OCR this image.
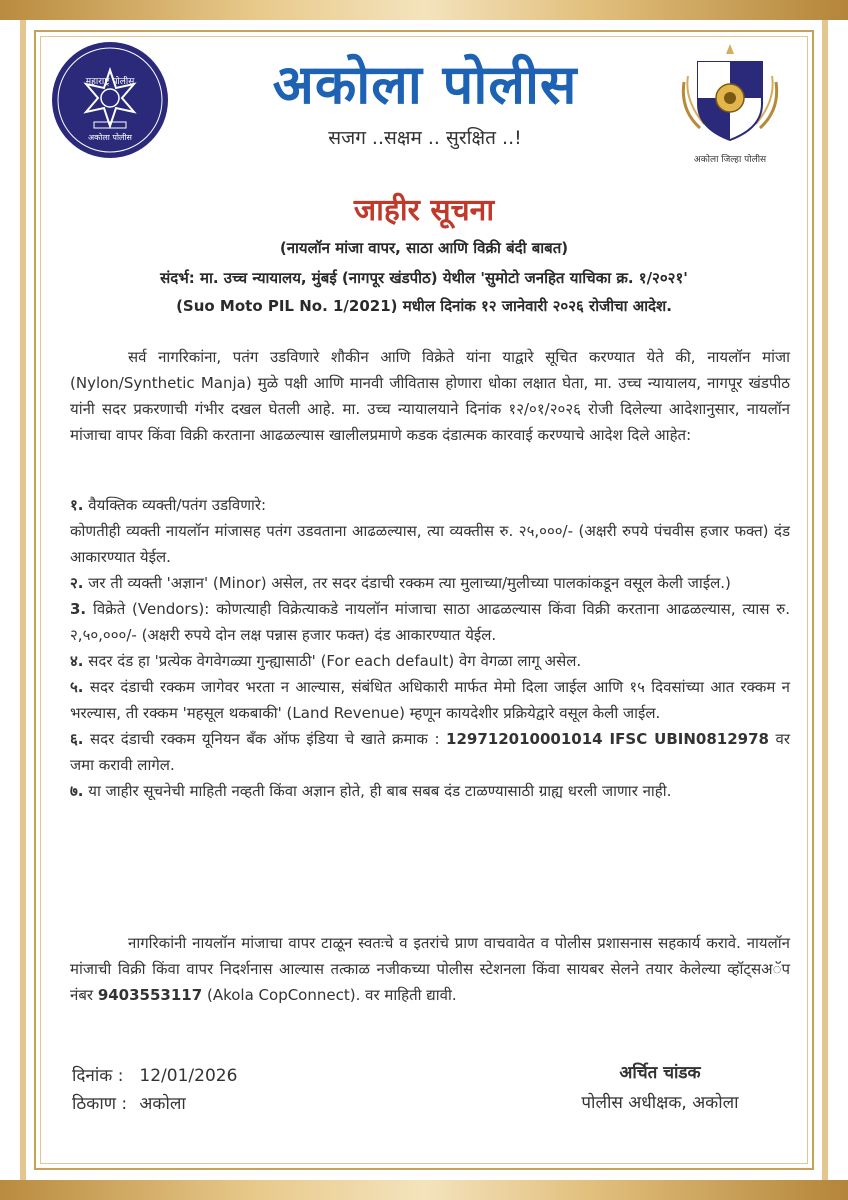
महाराष्ट्र पोलीस
अकोला पोलीस
अकोला पोलीस
सजग ..सक्षम .. सुरक्षित ..!
अकोला जिल्हा पोलीस
जाहीर सूचना
(नायलॉन मांजा वापर, साठा आणि विक्री बंदी बाबत)
संदर्भ: मा. उच्च न्यायालय, मुंबई (नागपूर खंडपीठ) येथील 'सुमोटो जनहित याचिका क्र. १/२०२१'
(Suo Moto PIL No. 1/2021) मधील दिनांक १२ जानेवारी २०२६ रोजीचा आदेश.
सर्व नागरिकांना, पतंग उडविणारे शौकीन आणि विक्रेते यांना याद्वारे सूचित करण्यात येते की, नायलॉन मांजा (Nylon/Synthetic Manja) मुळे पक्षी आणि मानवी जीवितास होणारा धोका लक्षात घेता, मा. उच्च न्यायालय, नागपूर खंडपीठ यांनी सदर प्रकरणाची गंभीर दखल घेतली आहे. मा. उच्च न्यायालयाने दिनांक १२/०१/२०२६ रोजी दिलेल्या आदेशानुसार, नायलॉन मांजाचा वापर किंवा विक्री करताना आढळल्यास खालीलप्रमाणे कडक दंडात्मक कारवाई करण्याचे आदेश दिले आहेत:

१. वैयक्तिक व्यक्ती/पतंग उडविणारे:

कोणतीही व्यक्ती नायलॉन मांजासह पतंग उडवताना आढळल्यास, त्या व्यक्तीस रु. २५,०००/- (अक्षरी रुपये पंचवीस हजार फक्त) दंड आकारण्यात येईल.

२. जर ती व्यक्ती 'अज्ञान' (Minor) असेल, तर सदर दंडाची रक्कम त्या मुलाच्या/मुलीच्या पालकांकडून वसूल केली जाईल.)

3. विक्रेते (Vendors): कोणत्याही विक्रेत्याकडे नायलॉन मांजाचा साठा आढळल्यास किंवा विक्री करताना आढळल्यास, त्यास रु. २,५०,०००/- (अक्षरी रुपये दोन लक्ष पन्नास हजार फक्त) दंड आकारण्यात येईल.

४. सदर दंड हा 'प्रत्येक वेगवेगळ्या गुन्ह्यासाठी' (For each default) वेग वेगळा लागू असेल.

५. सदर दंडाची रक्कम जागेवर भरता न आल्यास, संबंधित अधिकारी मार्फत मेमो दिला जाईल आणि १५ दिवसांच्या आत रक्कम न भरल्यास, ती रक्कम 'महसूल थकबाकी' (Land Revenue) म्हणून कायदेशीर प्रक्रियेद्वारे वसूल केली जाईल.

६. सदर दंडाची रक्कम यूनियन बँक ऑफ इंडिया चे खाते क्रमाक : 129712010001014 IFSC UBIN0812978 वर जमा करावी लागेल.

७. या जाहीर सूचनेची माहिती नव्हती किंवा अज्ञान होते, ही बाब सबब दंड टाळण्यासाठी ग्राह्य धरली जाणार नाही.

नागरिकांनी नायलॉन मांजाचा वापर टाळून स्वतःचे व इतरांचे प्राण वाचवावेत व पोलीस प्रशासनास सहकार्य करावे. नायलॉन मांजाची विक्री किंवा वापर निदर्शनास आल्यास तत्काळ नजीकच्या पोलीस स्टेशनला किंवा सायबर सेलने तयार केलेल्या व्हॉट्सअॅप नंबर 9403553117 (Akola CopConnect). वर माहिती द्यावी.
दिनांक : 12/01/2026
ठिकाण : अकोला
अर्चित चांडक
पोलीस अधीक्षक, अकोला
